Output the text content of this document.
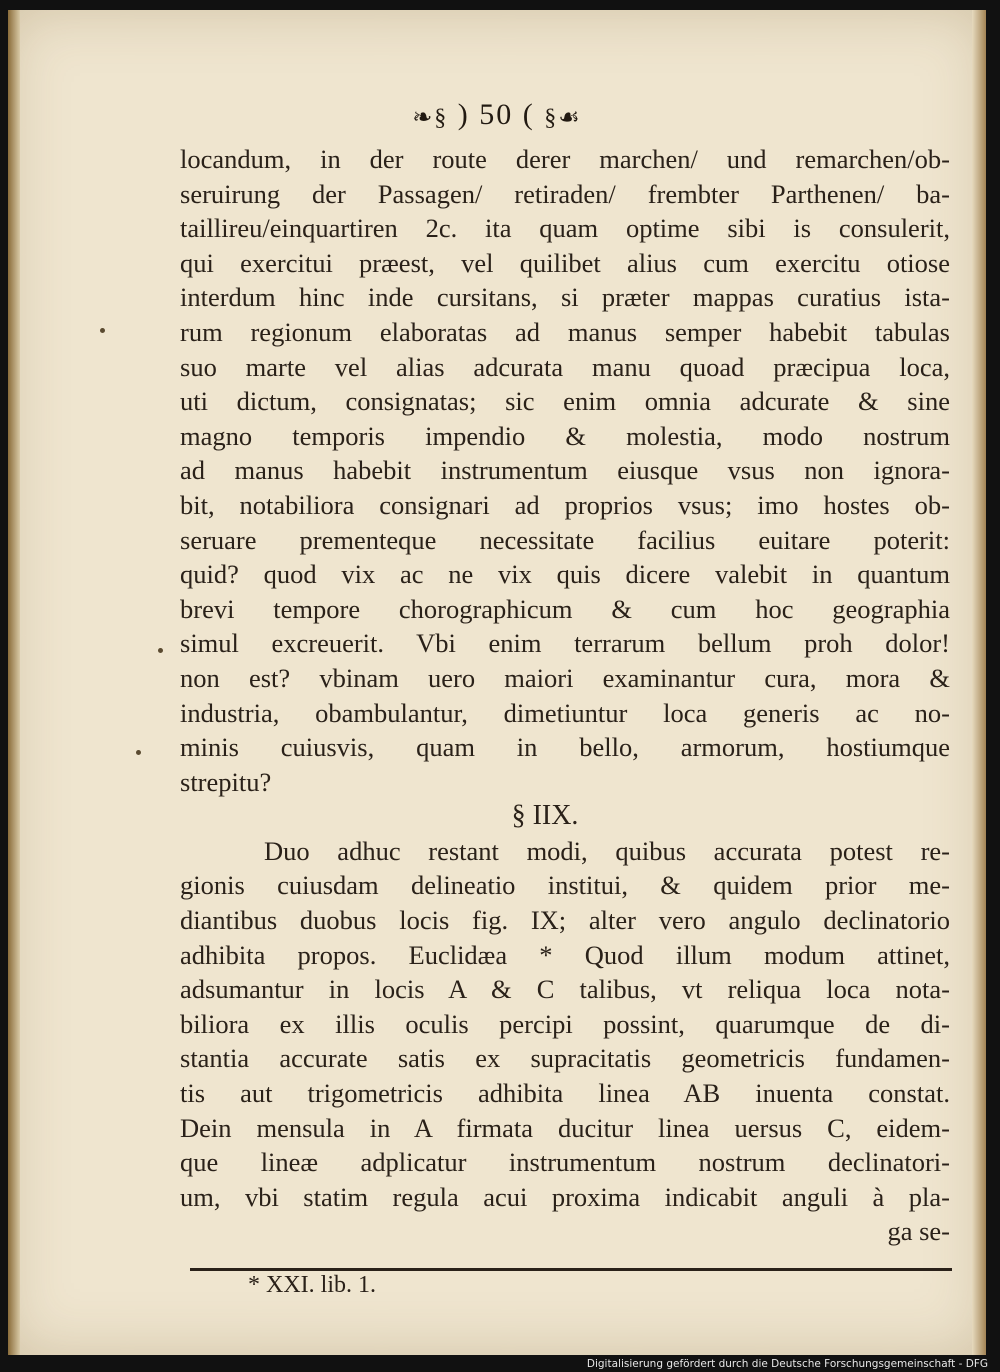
❧§ ) 50 ( §☙
locandum, in der route derer marchen/ und remarchen/ob-
seruirung der Passagen/ retiraden/ frembter Parthenen/ ba-
taillireu/einquartiren 2c. ita quam optime sibi is consulerit,
qui exercitui præest, vel quilibet alius cum exercitu otiose
interdum hinc inde cursitans, si præter mappas curatius ista-
rum regionum elaboratas ad manus semper habebit tabulas
suo marte vel alias adcurata manu quoad præcipua loca,
uti dictum, consignatas; sic enim omnia adcurate & sine
magno temporis impendio & molestia, modo nostrum
ad manus habebit instrumentum eiusque vsus non ignora-
bit, notabiliora consignari ad proprios vsus; imo hostes ob-
seruare prementeque necessitate facilius euitare poterit:
quid? quod vix ac ne vix quis dicere valebit in quantum
brevi tempore chorographicum & cum hoc geographia
simul excreuerit. Vbi enim terrarum bellum proh dolor!
non est? vbinam uero maiori examinantur cura, mora &
industria, obambulantur, dimetiuntur loca generis ac no-
minis cuiusvis, quam in bello, armorum, hostiumque
strepitu?
§ IIX.
Duo adhuc restant modi, quibus accurata potest re-
gionis cuiusdam delineatio institui, & quidem prior me-
diantibus duobus locis fig. IX; alter vero angulo declinatorio
adhibita propos. Euclidæa * Quod illum modum attinet,
adsumantur in locis A & C talibus, vt reliqua loca nota-
biliora ex illis oculis percipi possint, quarumque de di-
stantia accurate satis ex supracitatis geometricis fundamen-
tis aut trigometricis adhibita linea AB inuenta constat.
Dein mensula in A firmata ducitur linea uersus C, eidem-
que lineæ adplicatur instrumentum nostrum declinatori-
um, vbi statim regula acui proxima indicabit anguli à pla-
ga se-
* XXI. lib. 1.
Digitalisierung gefördert durch die Deutsche Forschungsgemeinschaft - DFG
